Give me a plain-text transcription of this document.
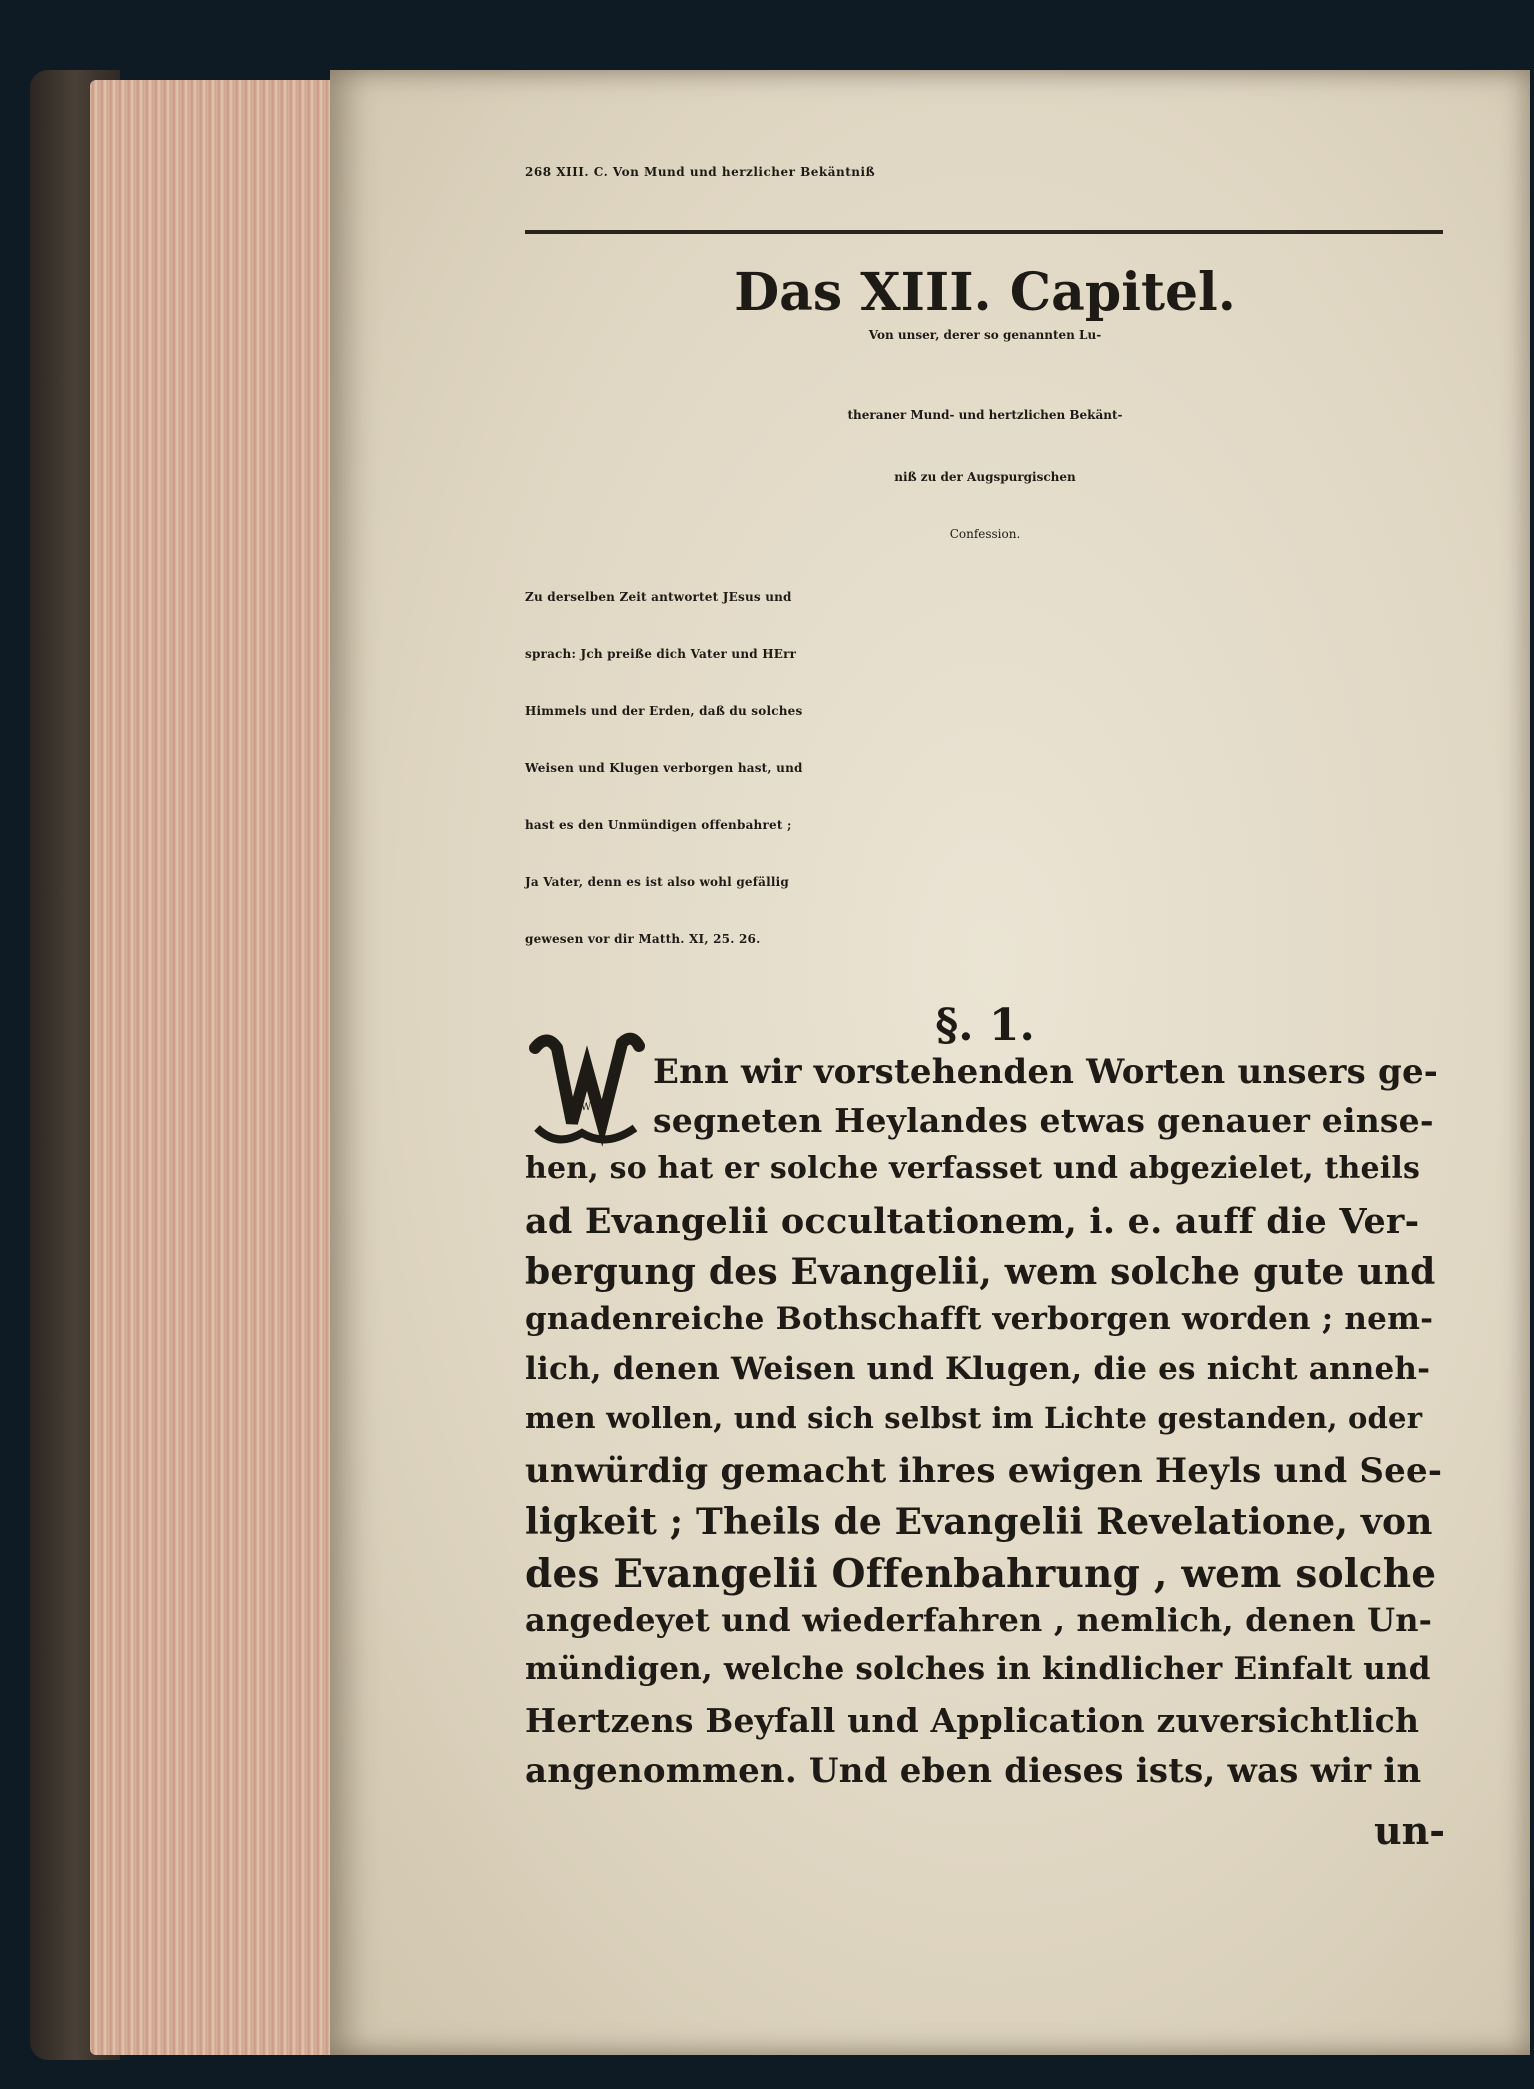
268 XIII. C. Von Mund und herzlicher Bekäntniß
Das XIII. Capitel.
Von unser, derer so genannten Lu-
theraner Mund- und hertzlichen Bekänt-
niß zu der Augspurgischen
Confession.
Zu derselben Zeit antwortet JEsus und
sprach: Jch preiße dich Vater und HErr
Himmels und der Erden, daß du solches
Weisen und Klugen verborgen hast, und
hast es den Unmündigen offenbahret ;
Ja Vater, denn es ist also wohl gefällig
gewesen vor dir Matth. XI, 25. 26.
§. 1.
W
Enn wir vorstehenden Worten unsers ge-
segneten Heylandes etwas genauer einse-
hen, so hat er solche verfasset und abgezielet, theils
ad Evangelii occultationem, i. e. auff die Ver-
bergung des Evangelii, wem solche gute und
gnadenreiche Bothschafft verborgen worden ; nem-
lich, denen Weisen und Klugen, die es nicht anneh-
men wollen, und sich selbst im Lichte gestanden, oder
unwürdig gemacht ihres ewigen Heyls und See-
ligkeit ; Theils de Evangelii Revelatione, von
des Evangelii Offenbahrung , wem solche
angedeyet und wiederfahren , nemlich, denen Un-
mündigen, welche solches in kindlicher Einfalt und
Hertzens Beyfall und Application zuversichtlich
angenommen. Und eben dieses ists, was wir in
un-
